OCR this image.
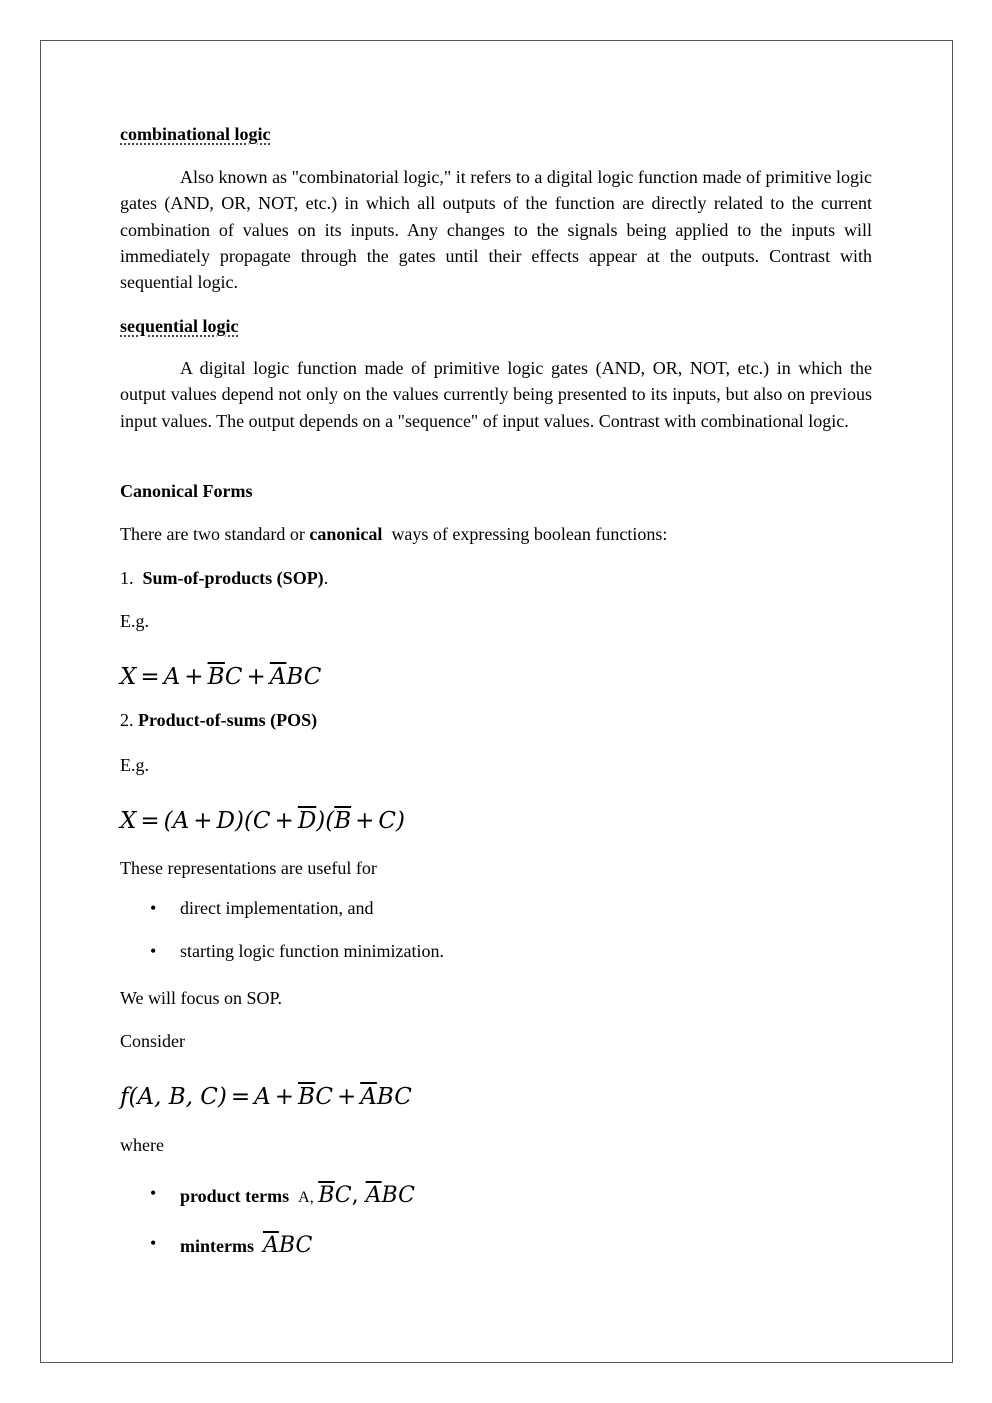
combinational logic
Also known as "combinatorial logic," it refers to a digital logic function made of primitive logic gates (AND, OR, NOT, etc.) in which all outputs of the function are directly related to the current combination of values on its inputs. Any changes to the signals being applied to the inputs will immediately propagate through the gates until their effects appear at the outputs. Contrast with sequential logic.
sequential logic
A digital logic function made of primitive logic gates (AND, OR, NOT, etc.) in which the output values depend not only on the values currently being presented to its inputs, but also on previous input values. The output depends on a "sequence" of input values. Contrast with combinational logic.
Canonical Forms
There are two standard or canonical  ways of expressing boolean functions:
1.  Sum-of-products (SOP).
E.g.
$X = A + \overline{B}C + \overline{A}BC$
2. Product-of-sums (POS)
E.g.
$X = (A + D)(C + \overline{D})(\overline{B} + C)$
These representations are useful for
direct implementation, and
starting logic function minimization.
We will focus on SOP.
Consider
f(A, B, $C) = A + \overline{B}C + \overline{A}BC$
where
product terms A, $\overline{B}C$, $\overline{A}BC$
minterms $\overline{A}BC$
